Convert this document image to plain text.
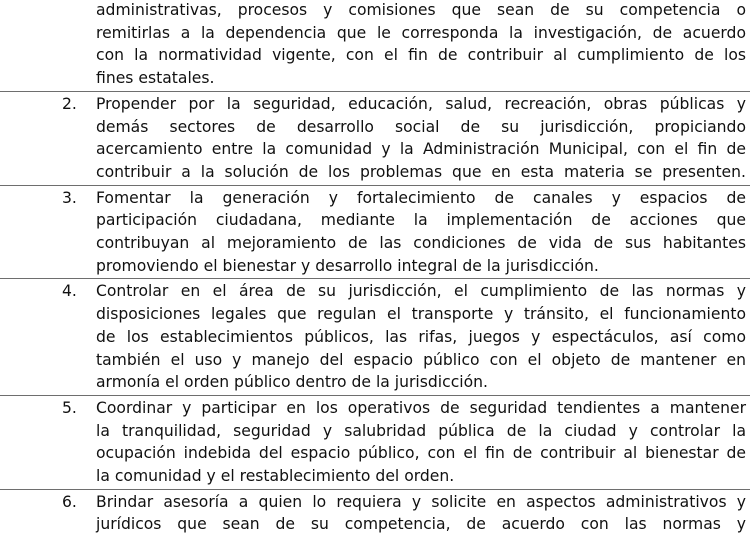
administrativas, procesos y comisiones que sean de su competencia o
remitirlas a la dependencia que le corresponda la investigación, de acuerdo
con la normatividad vigente, con el fin de contribuir al cumplimiento de los
fines estatales.
2. Propender por la seguridad, educación, salud, recreación, obras públicas y
demás sectores de desarrollo social de su jurisdicción, propiciando
acercamiento entre la comunidad y la Administración Municipal, con el fin de
contribuir a la solución de los problemas que en esta materia se presenten.
3. Fomentar la generación y fortalecimiento de canales y espacios de
participación ciudadana, mediante la implementación de acciones que
contribuyan al mejoramiento de las condiciones de vida de sus habitantes
promoviendo el bienestar y desarrollo integral de la jurisdicción.
4. Controlar en el área de su jurisdicción, el cumplimiento de las normas y
disposiciones legales que regulan el transporte y tránsito, el funcionamiento
de los establecimientos públicos, las rifas, juegos y espectáculos, así como
también el uso y manejo del espacio público con el objeto de mantener en
armonía el orden público dentro de la jurisdicción.
5. Coordinar y participar en los operativos de seguridad tendientes a mantener
la tranquilidad, seguridad y salubridad pública de la ciudad y controlar la
ocupación indebida del espacio público, con el fin de contribuir al bienestar de
la comunidad y el restablecimiento del orden.
6. Brindar asesoría a quien lo requiera y solicite en aspectos administrativos y
jurídicos que sean de su competencia, de acuerdo con las normas y
